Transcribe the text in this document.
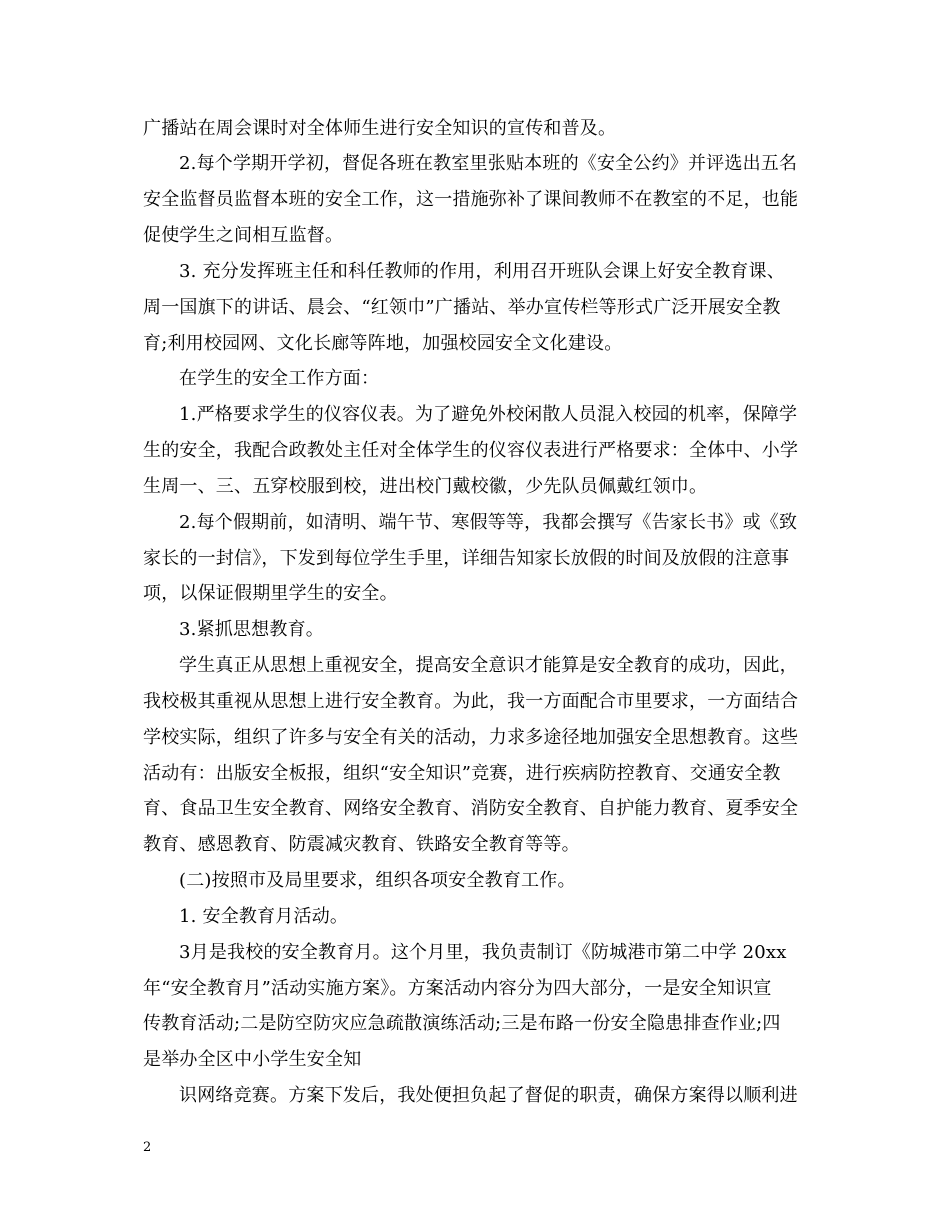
广播站在周会课时对全体师生进行安全知识的宣传和普及。
2.每个学期开学初，督促各班在教室里张贴本班的《安全公约》并评选出五名
安全监督员监督本班的安全工作，这一措施弥补了课间教师不在教室的不足，也能
促使学生之间相互监督。
3. 充分发挥班主任和科任教师的作用，利用召开班队会课上好安全教育课、
周一国旗下的讲话、晨会、“红领巾”广播站、举办宣传栏等形式广泛开展安全教
育;利用校园网、文化长廊等阵地，加强校园安全文化建设。
在学生的安全工作方面：
1.严格要求学生的仪容仪表。为了避免外校闲散人员混入校园的机率，保障学
生的安全，我配合政教处主任对全体学生的仪容仪表进行严格要求：全体中、小学
生周一、三、五穿校服到校，进出校门戴校徽，少先队员佩戴红领巾。
2.每个假期前，如清明、端午节、寒假等等，我都会撰写《告家长书》或《致
家长的一封信》，下发到每位学生手里，详细告知家长放假的时间及放假的注意事
项，以保证假期里学生的安全。
3.紧抓思想教育。
学生真正从思想上重视安全，提高安全意识才能算是安全教育的成功，因此，
我校极其重视从思想上进行安全教育。为此，我一方面配合市里要求，一方面结合
学校实际，组织了许多与安全有关的活动，力求多途径地加强安全思想教育。这些
活动有：出版安全板报，组织“安全知识”竞赛，进行疾病防控教育、交通安全教
育、食品卫生安全教育、网络安全教育、消防安全教育、自护能力教育、夏季安全
教育、感恩教育、防震减灾教育、铁路安全教育等等。
(二)按照市及局里要求，组织各项安全教育工作。
1. 安全教育月活动。
3月是我校的安全教育月。这个月里，我负责制订《防城港市第二中学 20xx
年“安全教育月”活动实施方案》。方案活动内容分为四大部分，一是安全知识宣
传教育活动;二是防空防灾应急疏散演练活动;三是布路一份安全隐患排查作业;四
是举办全区中小学生安全知
识网络竞赛。方案下发后，我处便担负起了督促的职责，确保方案得以顺利进
2
